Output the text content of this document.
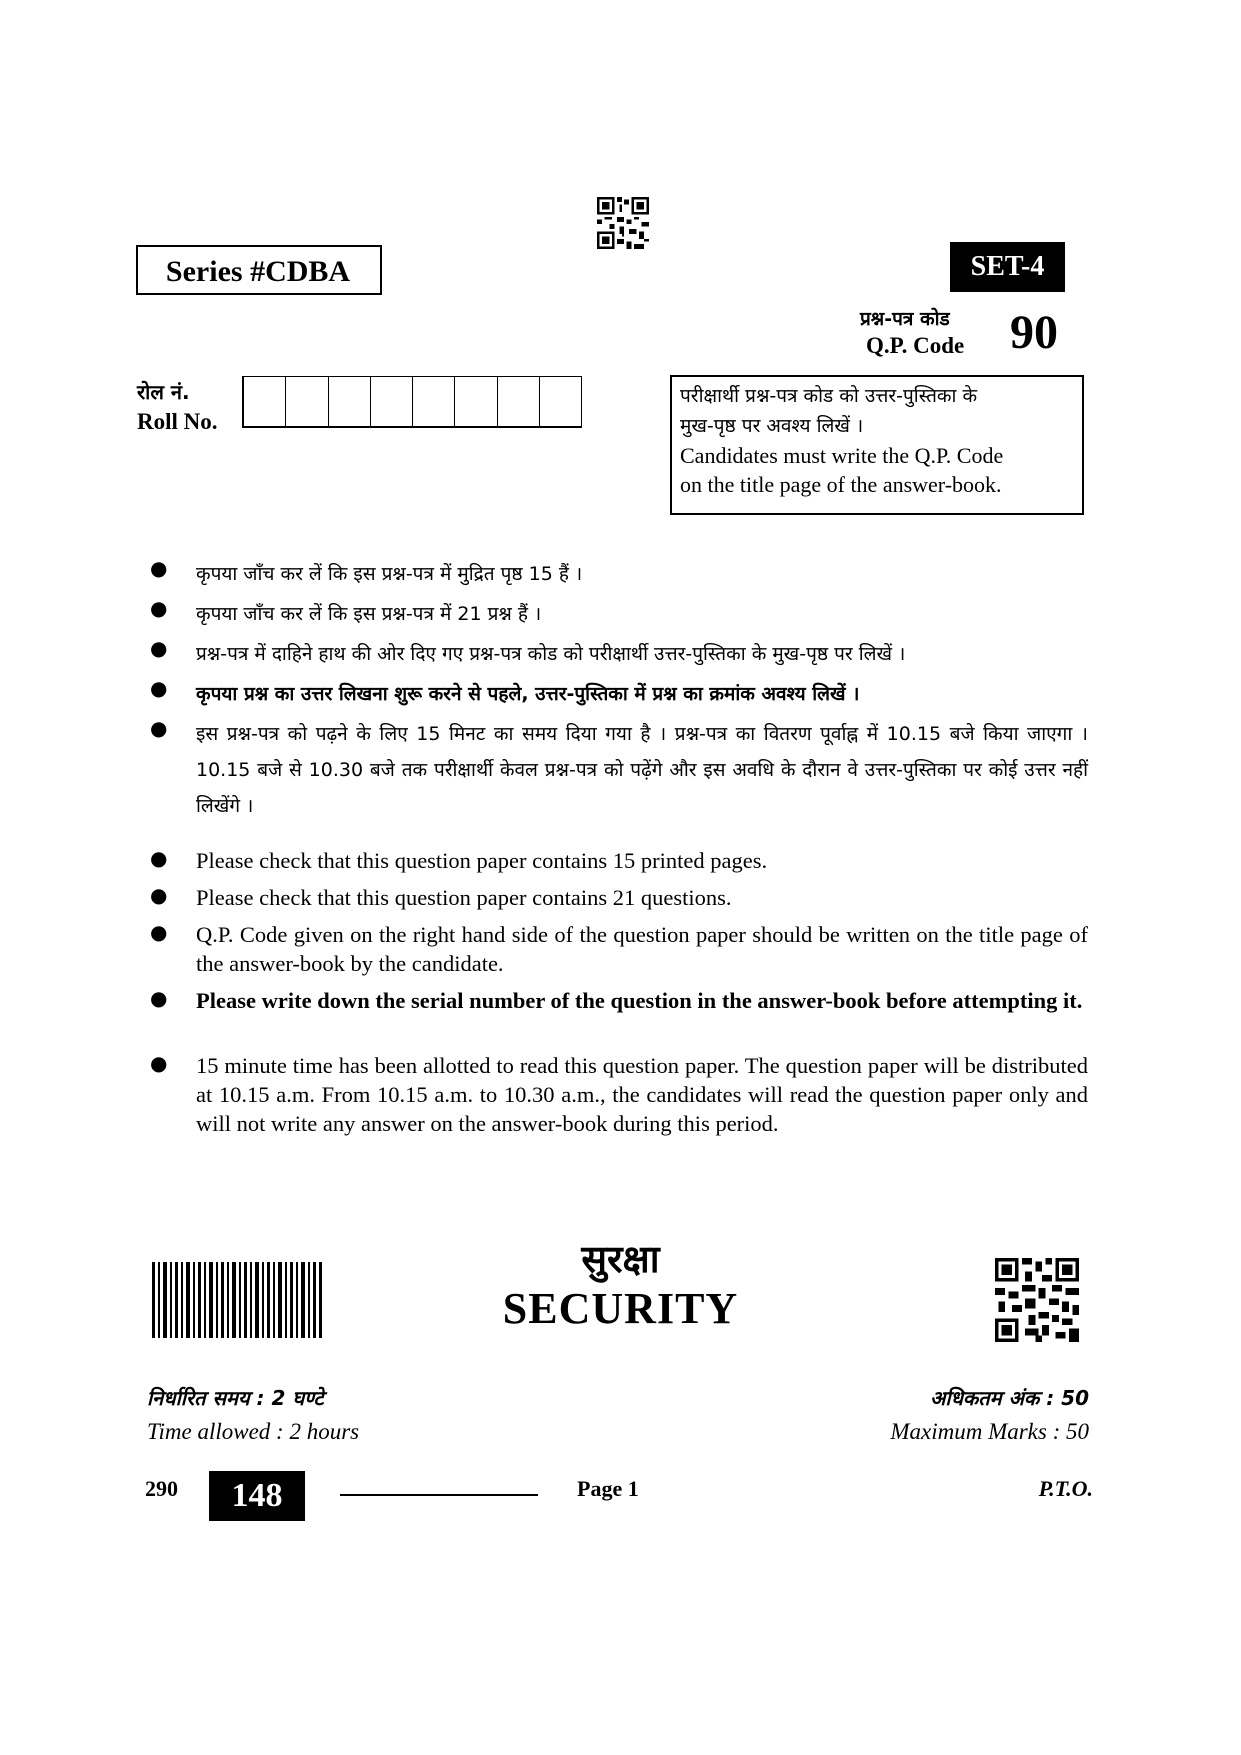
Series #CDBA	SET-4
प्रश्न-पत्र कोड
Q.P. Code 90
रोल नं.
Roll No.
परीक्षार्थी प्रश्न-पत्र कोड को उत्तर-पुस्तिका के
मुख-पृष्ठ पर अवश्य लिखें ।
Candidates must write the Q.P. Code
on the title page of the answer-book.
● कृपया जाँच कर लें कि इस प्रश्न-पत्र में मुद्रित पृष्ठ 15 हैं ।
● कृपया जाँच कर लें कि इस प्रश्न-पत्र में 21 प्रश्न हैं ।
● प्रश्न-पत्र में दाहिने हाथ की ओर दिए गए प्रश्न-पत्र कोड को परीक्षार्थी उत्तर-पुस्तिका के मुख-पृष्ठ पर लिखें ।
● कृपया प्रश्न का उत्तर लिखना शुरू करने से पहले, उत्तर-पुस्तिका में प्रश्न का क्रमांक अवश्य लिखें ।
● इस प्रश्न-पत्र को पढ़ने के लिए 15 मिनट का समय दिया गया है । प्रश्न-पत्र का वितरण पूर्वाह्न में 10.15 बजे किया जाएगा । 10.15 बजे से 10.30 बजे तक परीक्षार्थी केवल प्रश्न-पत्र को पढ़ेंगे और इस अवधि के दौरान वे उत्तर-पुस्तिका पर कोई उत्तर नहीं लिखेंगे ।
● Please check that this question paper contains 15 printed pages.
● Please check that this question paper contains 21 questions.
● Q.P. Code given on the right hand side of the question paper should be written on the title page of the answer-book by the candidate.
● Please write down the serial number of the question in the answer-book before attempting it.
● 15 minute time has been allotted to read this question paper. The question paper will be distributed at 10.15 a.m. From 10.15 a.m. to 10.30 a.m., the candidates will read the question paper only and will not write any answer on the answer-book during this period.
सुरक्षा
SECURITY
निर्धारित समय : 2 घण्टे
Time allowed : 2 hours
अधिकतम अंक : 50
Maximum Marks : 50
290	148	Page 1	P.T.O.
